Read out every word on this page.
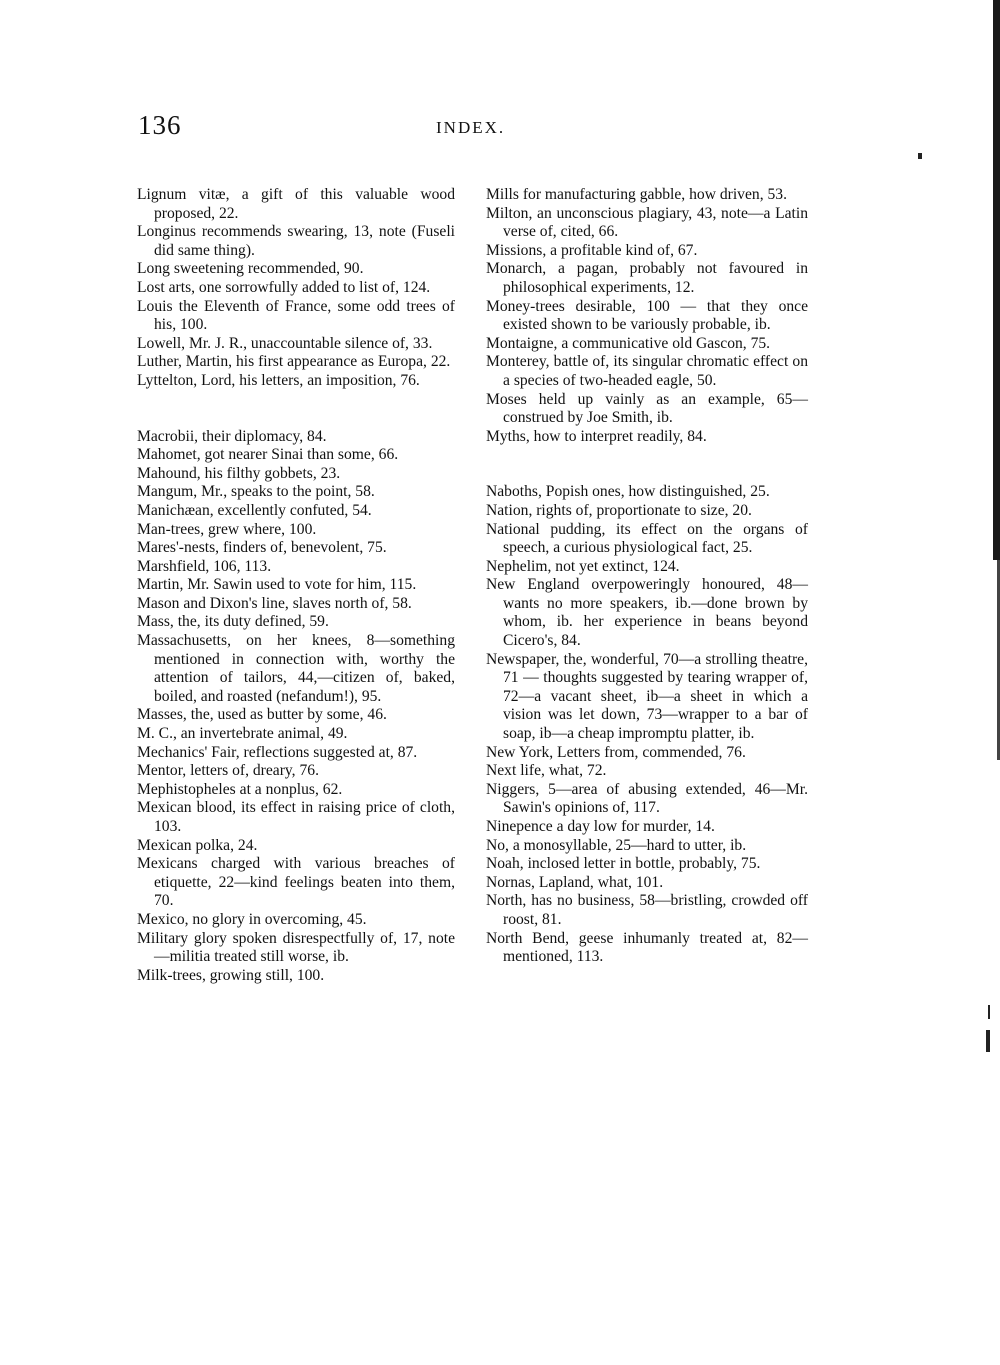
136	INDEX.

Lignum vitæ, a gift of this valuable wood proposed, 22.

Longinus recommends swearing, 13, note (Fuseli did same thing).

Long sweetening recommended, 90.

Lost arts, one sorrowfully added to list of, 124.

Louis the Eleventh of France, some odd trees of his, 100.

Lowell, Mr. J. R., unaccountable silence of, 33.

Luther, Martin, his first appearance as Europa, 22.

Lyttelton, Lord, his letters, an imposition, 76.

Macrobii, their diplomacy, 84.

Mahomet, got nearer Sinai than some, 66.

Mahound, his filthy gobbets, 23.

Mangum, Mr., speaks to the point, 58.

Manichæan, excellently confuted, 54.

Man-trees, grew where, 100.

Mares'-nests, finders of, benevolent, 75.

Marshfield, 106, 113.

Martin, Mr. Sawin used to vote for him, 115.

Mason and Dixon's line, slaves north of, 58.

Mass, the, its duty defined, 59.

Massachusetts, on her knees, 8—something mentioned in connection with, worthy the attention of tailors, 44,—citizen of, baked, boiled, and roasted (nefandum!), 95.

Masses, the, used as butter by some, 46.

M. C., an invertebrate animal, 49.

Mechanics' Fair, reflections suggested at, 87.

Mentor, letters of, dreary, 76.

Mephistopheles at a nonplus, 62.

Mexican blood, its effect in raising price of cloth, 103.

Mexican polka, 24.

Mexicans charged with various breaches of etiquette, 22—kind feelings beaten into them, 70.

Mexico, no glory in overcoming, 45.

Military glory spoken disrespectfully of, 17, note—militia treated still worse, ib.

Milk-trees, growing still, 100.

Mills for manufacturing gabble, how driven, 53.

Milton, an unconscious plagiary, 43, note—a Latin verse of, cited, 66.

Missions, a profitable kind of, 67.

Monarch, a pagan, probably not favoured in philosophical experiments, 12.

Money-trees desirable, 100 — that they once existed shown to be variously probable, ib.

Montaigne, a communicative old Gascon, 75.

Monterey, battle of, its singular chromatic effect on a species of two-headed eagle, 50.

Moses held up vainly as an example, 65—construed by Joe Smith, ib.

Myths, how to interpret readily, 84.

Naboths, Popish ones, how distinguished, 25.

Nation, rights of, proportionate to size, 20.

National pudding, its effect on the organs of speech, a curious physiological fact, 25.

Nephelim, not yet extinct, 124.

New England overpoweringly honoured, 48—wants no more speakers, ib.—done brown by whom, ib. her experience in beans beyond Cicero's, 84.

Newspaper, the, wonderful, 70—a strolling theatre, 71 — thoughts suggested by tearing wrapper of, 72—a vacant sheet, ib—a sheet in which a vision was let down, 73—wrapper to a bar of soap, ib—a cheap impromptu platter, ib.

New York, Letters from, commended, 76.

Next life, what, 72.

Niggers, 5—area of abusing extended, 46—Mr. Sawin's opinions of, 117.

Ninepence a day low for murder, 14.

No, a monosyllable, 25—hard to utter, ib.

Noah, inclosed letter in bottle, probably, 75.

Nornas, Lapland, what, 101.

North, has no business, 58—bristling, crowded off roost, 81.

North Bend, geese inhumanly treated at, 82—mentioned, 113.
